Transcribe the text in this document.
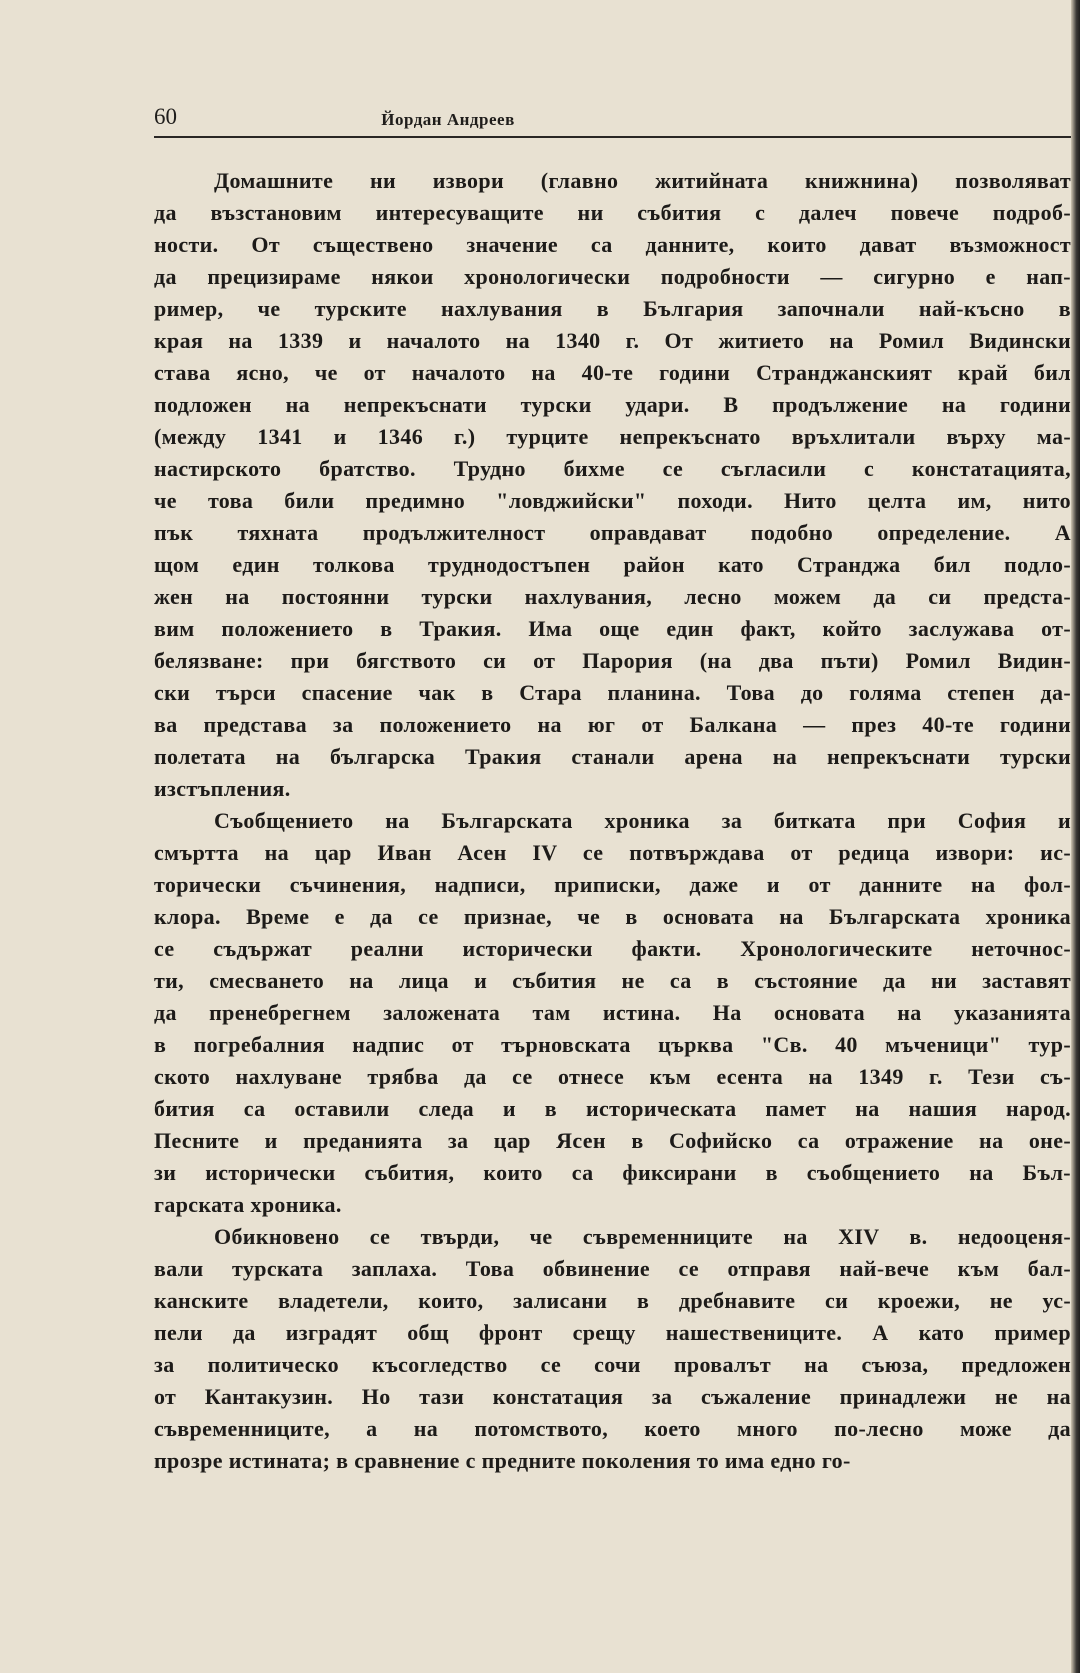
60	Йордан Андреев
Домашните ни извори (главно житийната книжнина) позволяват
да възстановим интересуващите ни събития с далеч повече подроб-
ности. От съществено значение са данните, които дават възможност
да прецизираме някои хронологически подробности — сигурно е нап-
ример, че турските нахлувания в България започнали най-късно в
края на 1339 и началото на 1340 г. От житието на Ромил Видински
става ясно, че от началото на 40-те години Странджанският край бил
подложен на непрекъснати турски удари. В продължение на години
(между 1341 и 1346 г.) турците непрекъснато връхлитали върху ма-
настирското братство. Трудно бихме се съгласили с констатацията,
че това били предимно "ловджийски" походи. Нито целта им, нито
пък тяхната продължителност оправдават подобно определение. А
щом един толкова труднодостъпен район като Странджа бил подло-
жен на постоянни турски нахлувания, лесно можем да си предста-
вим положението в Тракия. Има още един факт, който заслужава от-
белязване: при бягството си от Парория (на два пъти) Ромил Видин-
ски търси спасение чак в Стара планина. Това до голяма степен да-
ва представа за положението на юг от Балкана — през 40-те години
полетата на българска Тракия станали арена на непрекъснати турски
изстъпления.
Съобщението на Българската хроника за битката при София и
смъртта на цар Иван Асен IV се потвърждава от редица извори: ис-
торически съчинения, надписи, приписки, даже и от данните на фол-
клора. Време е да се признае, че в основата на Българската хроника
се съдържат реални исторически факти. Хронологическите неточнос-
ти, смесването на лица и събития не са в състояние да ни заставят
да пренебрегнем заложената там истина. На основата на указанията
в погребалния надпис от търновската църква "Св. 40 мъченици" тур-
ското нахлуване трябва да се отнесе към есента на 1349 г. Тези съ-
бития са оставили следа и в историческата памет на нашия народ.
Песните и преданията за цар Ясен в Софийско са отражение на оне-
зи исторически събития, които са фиксирани в съобщението на Бъл-
гарската хроника.
Обикновено се твърди, че съвременниците на XIV в. недооценя-
вали турската заплаха. Това обвинение се отправя най-вече към бал-
канските владетели, които, залисани в дребнавите си кроежи, не ус-
пели да изградят общ фронт срещу нашествениците. А като пример
за политическо късогледство се сочи провалът на съюза, предложен
от Кантакузин. Но тази констатация за съжаление принадлежи не на
съвременниците, а на потомството, което много по-лесно може да
прозре истината; в сравнение с предните поколения то има едно го-
